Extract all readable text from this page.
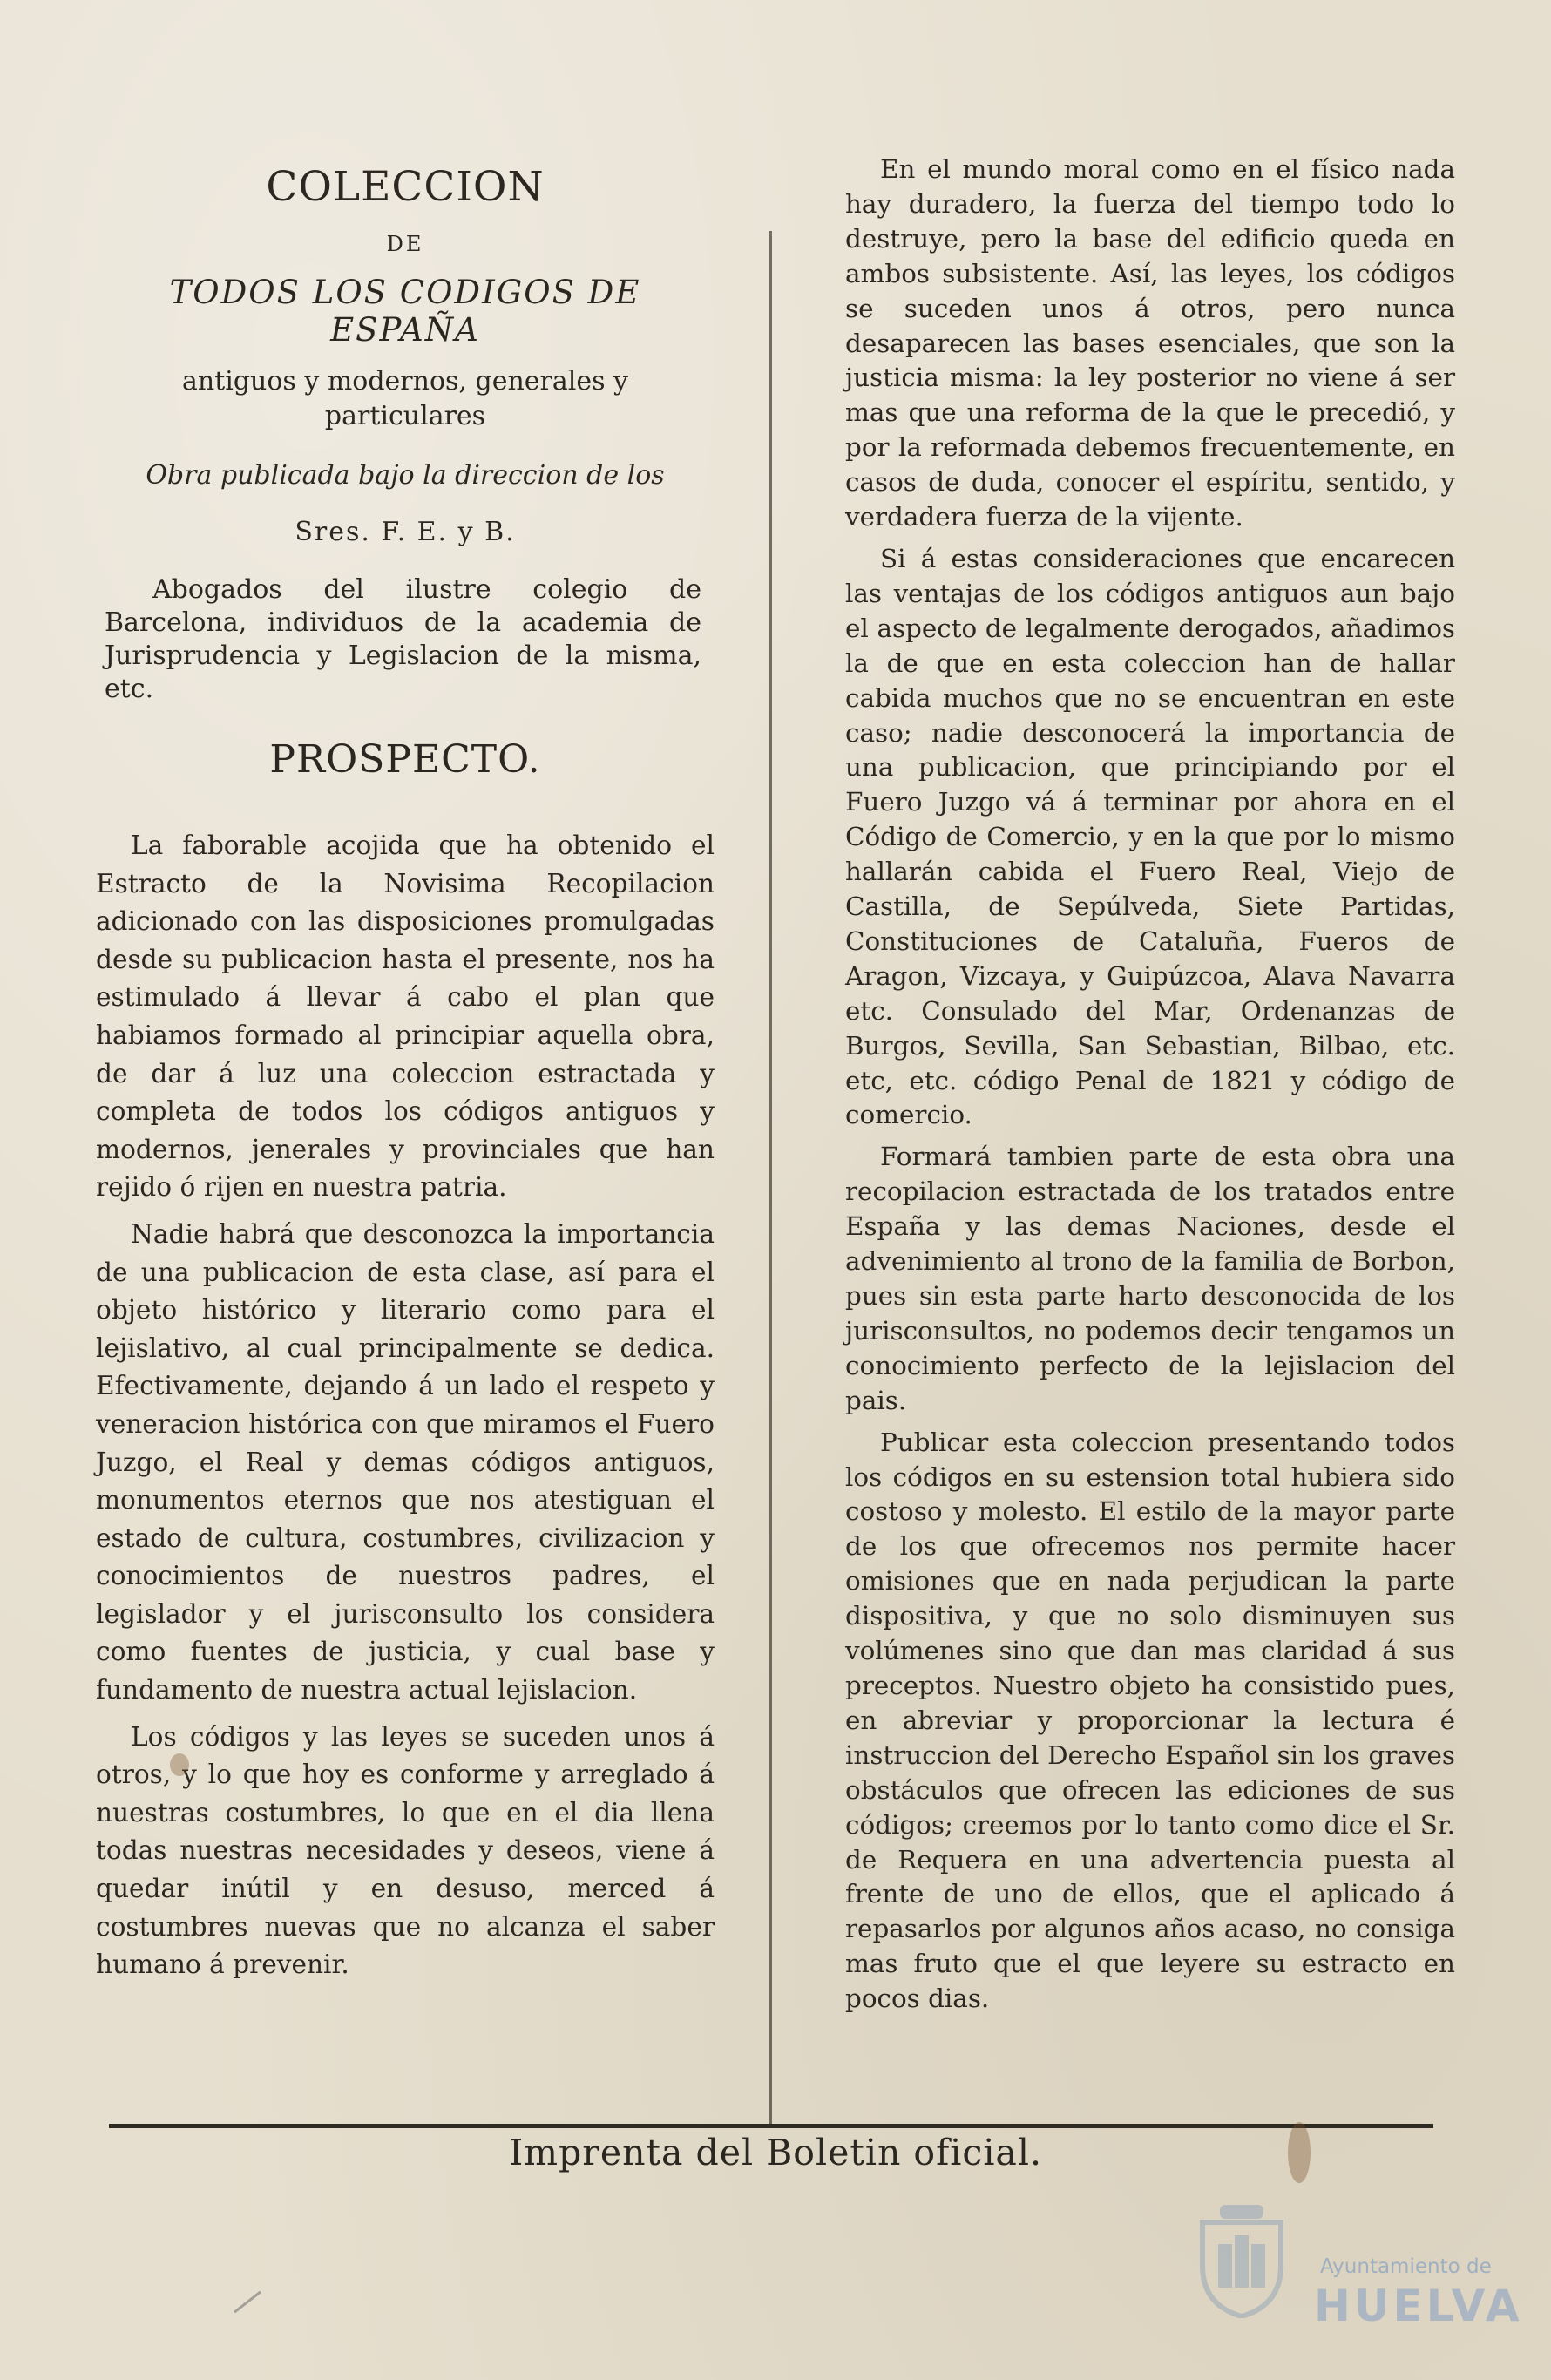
COLECCION
DE
TODOS LOS CODIGOS DE ESPAÑA
antiguos y modernos, generales y particulares
Obra publicada bajo la direccion de los
Sres. F. E. y B.
Abogados del ilustre colegio de Barcelona, individuos de la academia de Jurisprudencia y Legislacion de la misma, etc.
PROSPECTO.

La faborable acojida que ha obtenido el Estracto de la Novisima Recopilacion adicionado con las disposiciones promulgadas desde su publicacion hasta el presente, nos ha estimulado á llevar á cabo el plan que habiamos formado al principiar aquella obra, de dar á luz una coleccion estractada y completa de todos los códigos antiguos y modernos, jenerales y provinciales que han rejido ó rijen en nuestra patria.

Nadie habrá que desconozca la importancia de una publicacion de esta clase, así para el objeto histórico y literario como para el lejislativo, al cual principalmente se dedica. Efectivamente, dejando á un lado el respeto y veneracion histórica con que miramos el Fuero Juzgo, el Real y demas códigos antiguos, monumentos eternos que nos atestiguan el estado de cultura, costumbres, civilizacion y conocimientos de nuestros padres, el legislador y el jurisconsulto los considera como fuentes de justicia, y cual base y fundamento de nuestra actual lejislacion.

Los códigos y las leyes se suceden unos á otros, y lo que hoy es conforme y arreglado á nuestras costumbres, lo que en el dia llena todas nuestras necesidades y deseos, viene á quedar inútil y en desuso, merced á costumbres nuevas que no alcanza el saber humano á prevenir.

En el mundo moral como en el físico nada hay duradero, la fuerza del tiempo todo lo destruye, pero la base del edificio queda en ambos subsistente. Así, las leyes, los códigos se suceden unos á otros, pero nunca desaparecen las bases esenciales, que son la justicia misma: la ley posterior no viene á ser mas que una reforma de la que le precedió, y por la reformada debemos frecuentemente, en casos de duda, conocer el espíritu, sentido, y verdadera fuerza de la vijente.

Si á estas consideraciones que encarecen las ventajas de los códigos antiguos aun bajo el aspecto de legalmente derogados, añadimos la de que en esta coleccion han de hallar cabida muchos que no se encuentran en este caso; nadie desconocerá la importancia de una publicacion, que principiando por el Fuero Juzgo vá á terminar por ahora en el Código de Comercio, y en la que por lo mismo hallarán cabida el Fuero Real, Viejo de Castilla, de Sepúlveda, Siete Partidas, Constituciones de Cataluña, Fueros de Aragon, Vizcaya, y Guipúzcoa, Alava Navarra etc. Consulado del Mar, Ordenanzas de Burgos, Sevilla, San Sebastian, Bilbao, etc. etc, etc. código Penal de 1821 y código de comercio.

Formará tambien parte de esta obra una recopilacion estractada de los tratados entre España y las demas Naciones, desde el advenimiento al trono de la familia de Borbon, pues sin esta parte harto desconocida de los jurisconsultos, no podemos decir tengamos un conocimiento perfecto de la lejislacion del pais.

Publicar esta coleccion presentando todos los códigos en su estension total hubiera sido costoso y molesto. El estilo de la mayor parte de los que ofrecemos nos permite hacer omisiones que en nada perjudican la parte dispositiva, y que no solo disminuyen sus volúmenes sino que dan mas claridad á sus preceptos. Nuestro objeto ha consistido pues, en abreviar y proporcionar la lectura é instruccion del Derecho Español sin los graves obstáculos que ofrecen las ediciones de sus códigos; creemos por lo tanto como dice el Sr. de Requera en una advertencia puesta al frente de uno de ellos, que el aplicado á repasarlos por algunos años acaso, no consiga mas fruto que el que leyere su estracto en pocos dias.

Imprenta del Boletin oficial.
Ayuntamiento de
HUELVA
